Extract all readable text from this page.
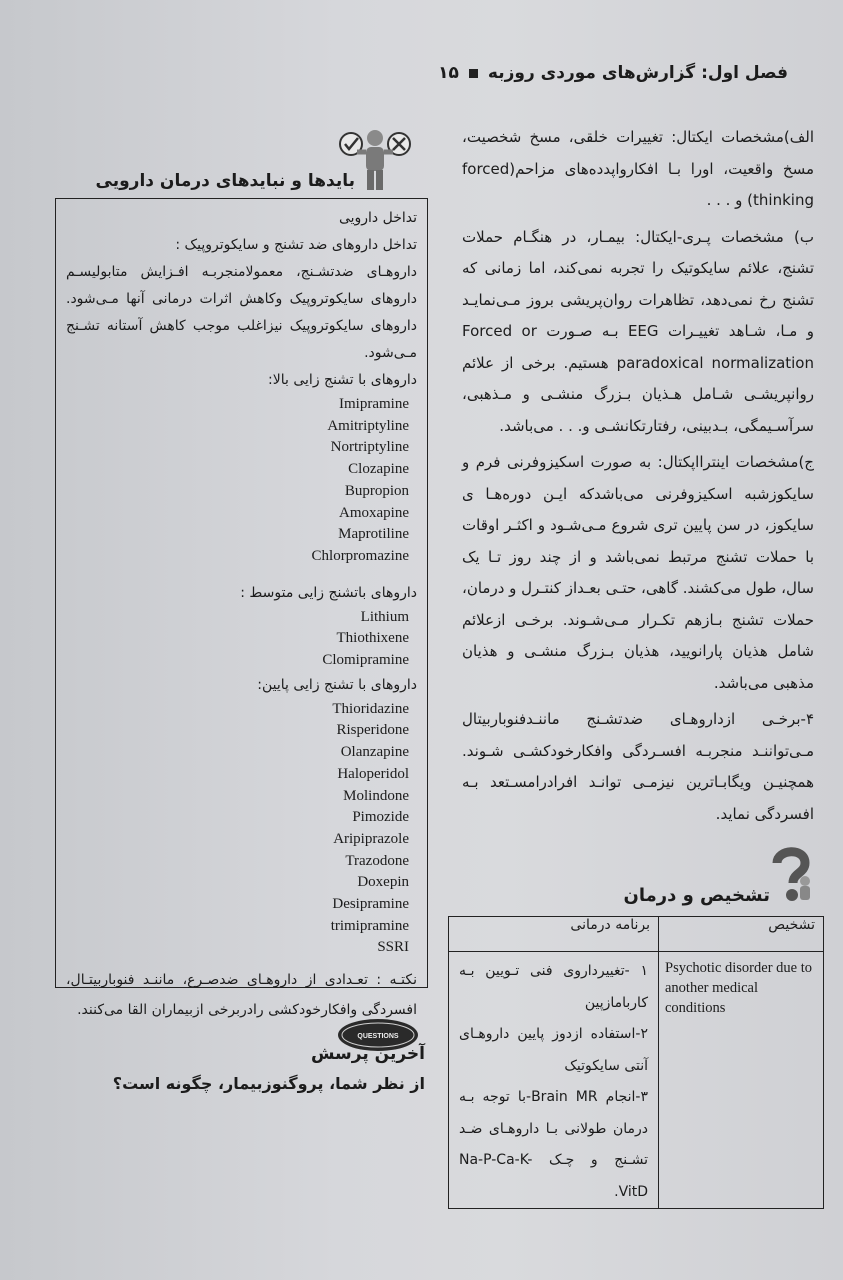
فصل اول: گزارش‌های موردی روزبه
۱۵

الف)مشخصات ایکتال: تغییرات خلقی، مسخ شخصیت، مسخ واقعیت، اورا بـا افکارواپدده‌های مزاحم(forced thinking) و . . .

ب) مشخصات پـری-ایکتال: بیمـار، در هنگـام حملات تشنج، علائم سایکوتیک را تجربه نمی‌کند، اما زمانی که تشنج رخ نمی‌دهد، تظاهرات روان‌پریشی بروز مـی‌نمایـد و مـا، شـاهد تغییـرات EEG بـه صـورت Forced or paradoxical normalization هستیم. برخی از علائم روانپریشـی شـامل هـذیان بـزرگ منشـی و مـذهبی، سرآسـیمگی، بـدبینی، رفتارتکانشـی و. . . می‌باشد.

ج)مشخصات اینترااپکتال: به صورت اسکیزوفرنی فرم و سایکوزشبه اسکیزوفرنی می‌باشدکه ایـن دوره‌هـا ی سایکوز، در سن پایین تری شروع مـی‌شـود و اکثـر اوقات با حملات تشنج مرتبط نمی‌باشد و از چند روز تـا یک سال، طول می‌کشند. گاهی، حتـی بعـداز کنتـرل و درمان، حملات تشنج بـازهم تکـرار مـی‌شـوند. برخـی ازعلائم شامل هذیان پارانویید، هذیان بـزرگ منشـی و هذیان مذهبی می‌باشد.

۴-برخـی ازداروهـای ضدتشـنج ماننـدفنوباربیتال مـی‌تواننـد منجربـه افسـردگی وافکارخودکشـی شـوند. همچنیـن ویگابـاترین نیزمـی توانـد افرادرامسـتعد بـه افسردگی نماید.

بایدها و نبایدهای درمان دارویی
تداخل دارویی
تداخل داروهای ضد تشنج و سایکوتروپیک :
داروهـای ضدتشـنج، معمولامنجربـه افـزایش متابولیسـم داروهای سایکوتروپیک وکاهش اثرات درمانی آنها مـی‌شود. داروهای سایکوتروپیک نیزاغلب موجب کاهش آستانه تشـنج مـی‌شود.
داروهای با تشنج زایی بالا:
Imipramine
Amitriptyline
Nortriptyline
Clozapine
Bupropion
Amoxapine
Maprotiline
Chlorpromazine
داروهای باتشنج زایی متوسط :
Lithium
Thiothixene
Clomipramine
داروهای با تشنج زایی پایین:
Thioridazine
Risperidone
Olanzapine
Haloperidol
Molindone
Pimozide
Aripiprazole
Trazodone
Doxepin
Desipramine
trimipramine
SSRI
نکتـه : تعـدادی از داروهـای ضدصـرع، ماننـد فنوباربیتـال، افسردگی وافکارخودکشی رادربرخی ازبیماران القا می‌کنند.
تشخیص و درمان
تشخیص	برنامه درمانی
Psychotic disorder due to another medical conditions	۱ -تغییرداروی فنی تـویین بـه کاربامازپین
۲-استفاده ازدوز پایین داروهـای آنتی سایکوتیک
۳-انجام Brain MR-با توجه بـه درمان طولانی بـا داروهـای ضـد تشـنج و چـک Na-P-Ca-K- VitD.
QUESTIONS
آخرین پرسش
از نظر شما، پروگنوزبیمار، چگونه است؟
